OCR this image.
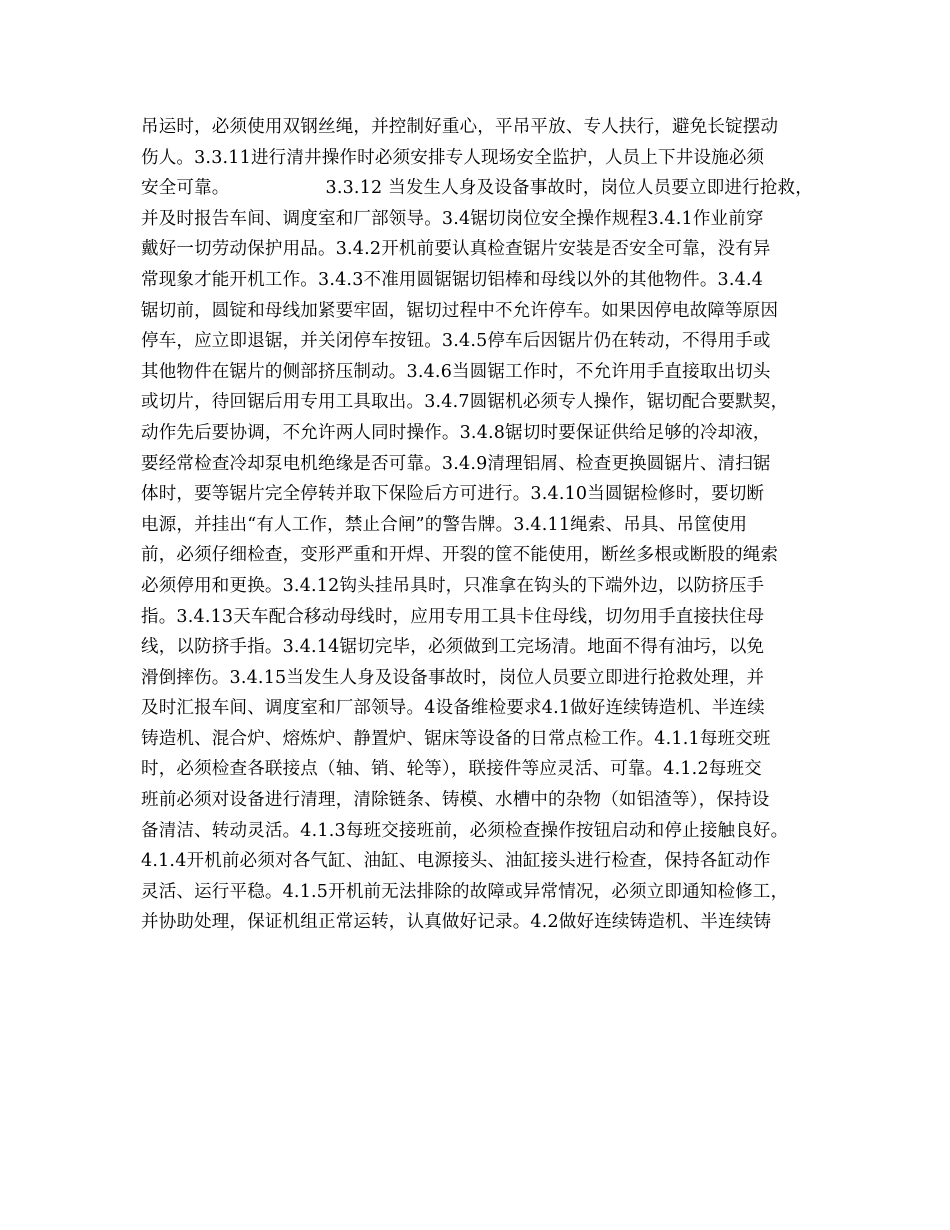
吊运时，必须使用双钢丝绳，并控制好重心，平吊平放、专人扶行，避免长锭摆动
伤人。3.3.11进行清井操作时必须安排专人现场安全监护，人员上下井设施必须
安全可靠。	3.3.12 当发生人身及设备事故时，岗位人员要立即进行抢救，
并及时报告车间、调度室和厂部领导。3.4锯切岗位安全操作规程3.4.1作业前穿
戴好一切劳动保护用品。3.4.2开机前要认真检查锯片安装是否安全可靠，没有异
常现象才能开机工作。3.4.3不准用圆锯锯切铝棒和母线以外的其他物件。3.4.4
锯切前，圆锭和母线加紧要牢固，锯切过程中不允许停车。如果因停电故障等原因
停车，应立即退锯，并关闭停车按钮。3.4.5停车后因锯片仍在转动，不得用手或
其他物件在锯片的侧部挤压制动。3.4.6当圆锯工作时，不允许用手直接取出切头
或切片，待回锯后用专用工具取出。3.4.7圆锯机必须专人操作，锯切配合要默契，
动作先后要协调，不允许两人同时操作。3.4.8锯切时要保证供给足够的冷却液，
要经常检查冷却泵电机绝缘是否可靠。3.4.9清理铝屑、检查更换圆锯片、清扫锯
体时，要等锯片完全停转并取下保险后方可进行。3.4.10当圆锯检修时，要切断
电源，并挂出“有人工作，禁止合闸”的警告牌。3.4.11绳索、吊具、吊筐使用
前，必须仔细检查，变形严重和开焊、开裂的筐不能使用，断丝多根或断股的绳索
必须停用和更换。3.4.12钩头挂吊具时，只准拿在钩头的下端外边，以防挤压手
指。3.4.13天车配合移动母线时，应用专用工具卡住母线，切勿用手直接扶住母
线，以防挤手指。3.4.14锯切完毕，必须做到工完场清。地面不得有油圬，以免
滑倒摔伤。3.4.15当发生人身及设备事故时，岗位人员要立即进行抢救处理，并
及时汇报车间、调度室和厂部领导。4设备维检要求4.1做好连续铸造机、半连续
铸造机、混合炉、熔炼炉、静置炉、锯床等设备的日常点检工作。4.1.1每班交班
时，必须检查各联接点（轴、销、轮等），联接件等应灵活、可靠。4.1.2每班交
班前必须对设备进行清理，清除链条、铸模、水槽中的杂物（如铝渣等），保持设
备清洁、转动灵活。4.1.3每班交接班前，必须检查操作按钮启动和停止接触良好。
4.1.4开机前必须对各气缸、油缸、电源接头、油缸接头进行检查，保持各缸动作
灵活、运行平稳。4.1.5开机前无法排除的故障或异常情况，必须立即通知检修工，
并协助处理，保证机组正常运转，认真做好记录。4.2做好连续铸造机、半连续铸
